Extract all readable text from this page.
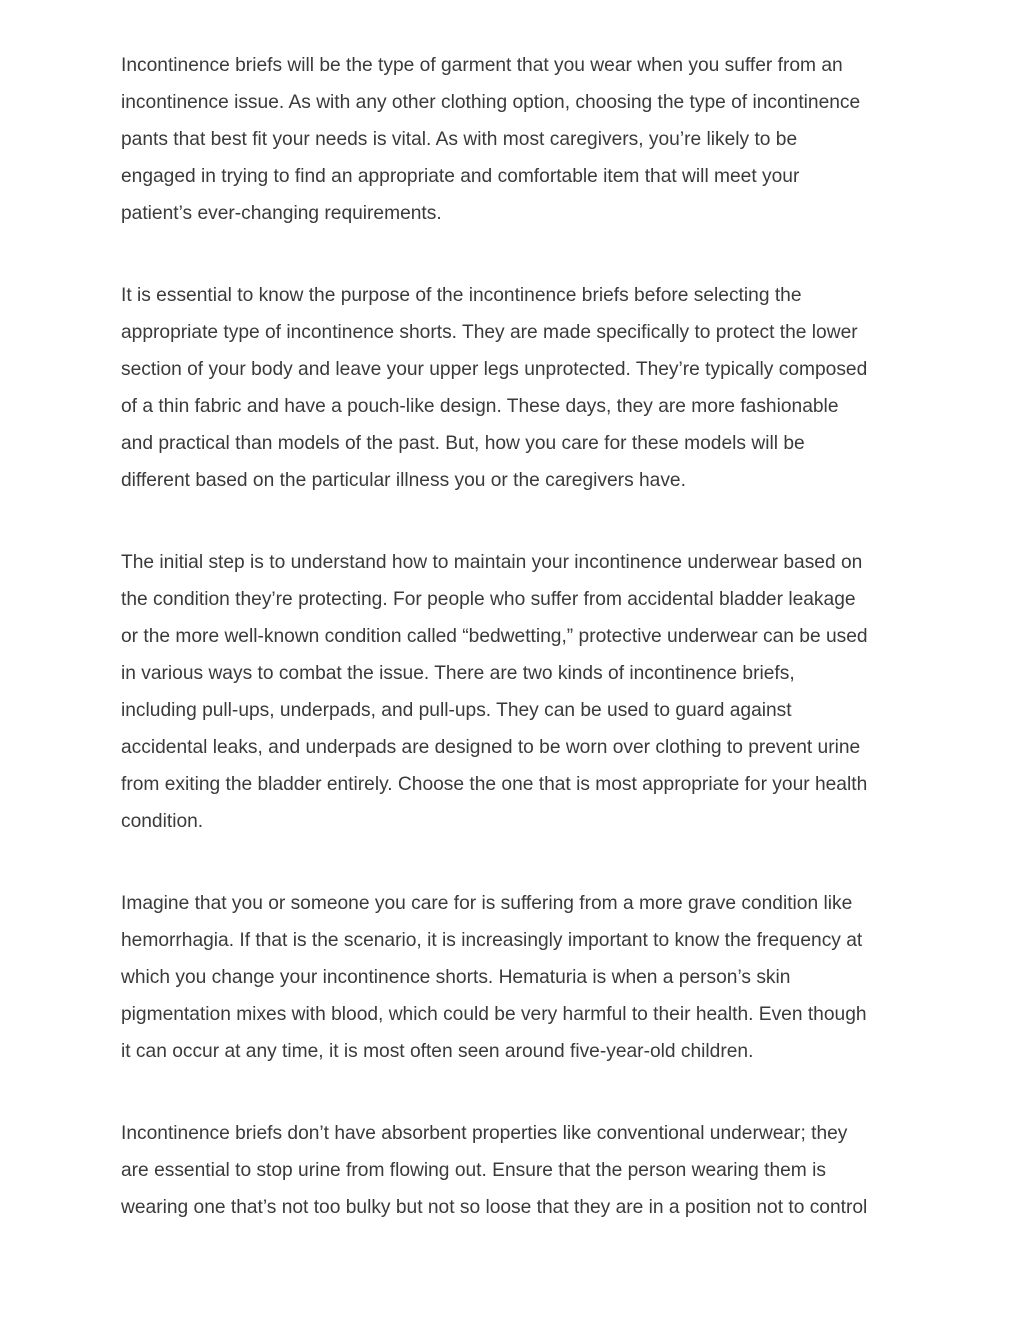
Incontinence briefs will be the type of garment that you wear when you suffer from an
incontinence issue. As with any other clothing option, choosing the type of incontinence
pants that best fit your needs is vital. As with most caregivers, you’re likely to be
engaged in trying to find an appropriate and comfortable item that will meet your
patient’s ever-changing requirements.

It is essential to know the purpose of the incontinence briefs before selecting the
appropriate type of incontinence shorts. They are made specifically to protect the lower
section of your body and leave your upper legs unprotected. They’re typically composed
of a thin fabric and have a pouch-like design. These days, they are more fashionable
and practical than models of the past. But, how you care for these models will be
different based on the particular illness you or the caregivers have.

The initial step is to understand how to maintain your incontinence underwear based on
the condition they’re protecting. For people who suffer from accidental bladder leakage
or the more well-known condition called “bedwetting,” protective underwear can be used
in various ways to combat the issue. There are two kinds of incontinence briefs,
including pull-ups, underpads, and pull-ups. They can be used to guard against
accidental leaks, and underpads are designed to be worn over clothing to prevent urine
from exiting the bladder entirely. Choose the one that is most appropriate for your health
condition.

Imagine that you or someone you care for is suffering from a more grave condition like
hemorrhagia. If that is the scenario, it is increasingly important to know the frequency at
which you change your incontinence shorts. Hematuria is when a person’s skin
pigmentation mixes with blood, which could be very harmful to their health. Even though
it can occur at any time, it is most often seen around five-year-old children.

Incontinence briefs don’t have absorbent properties like conventional underwear; they
are essential to stop urine from flowing out. Ensure that the person wearing them is
wearing one that’s not too bulky but not so loose that they are in a position not to control
